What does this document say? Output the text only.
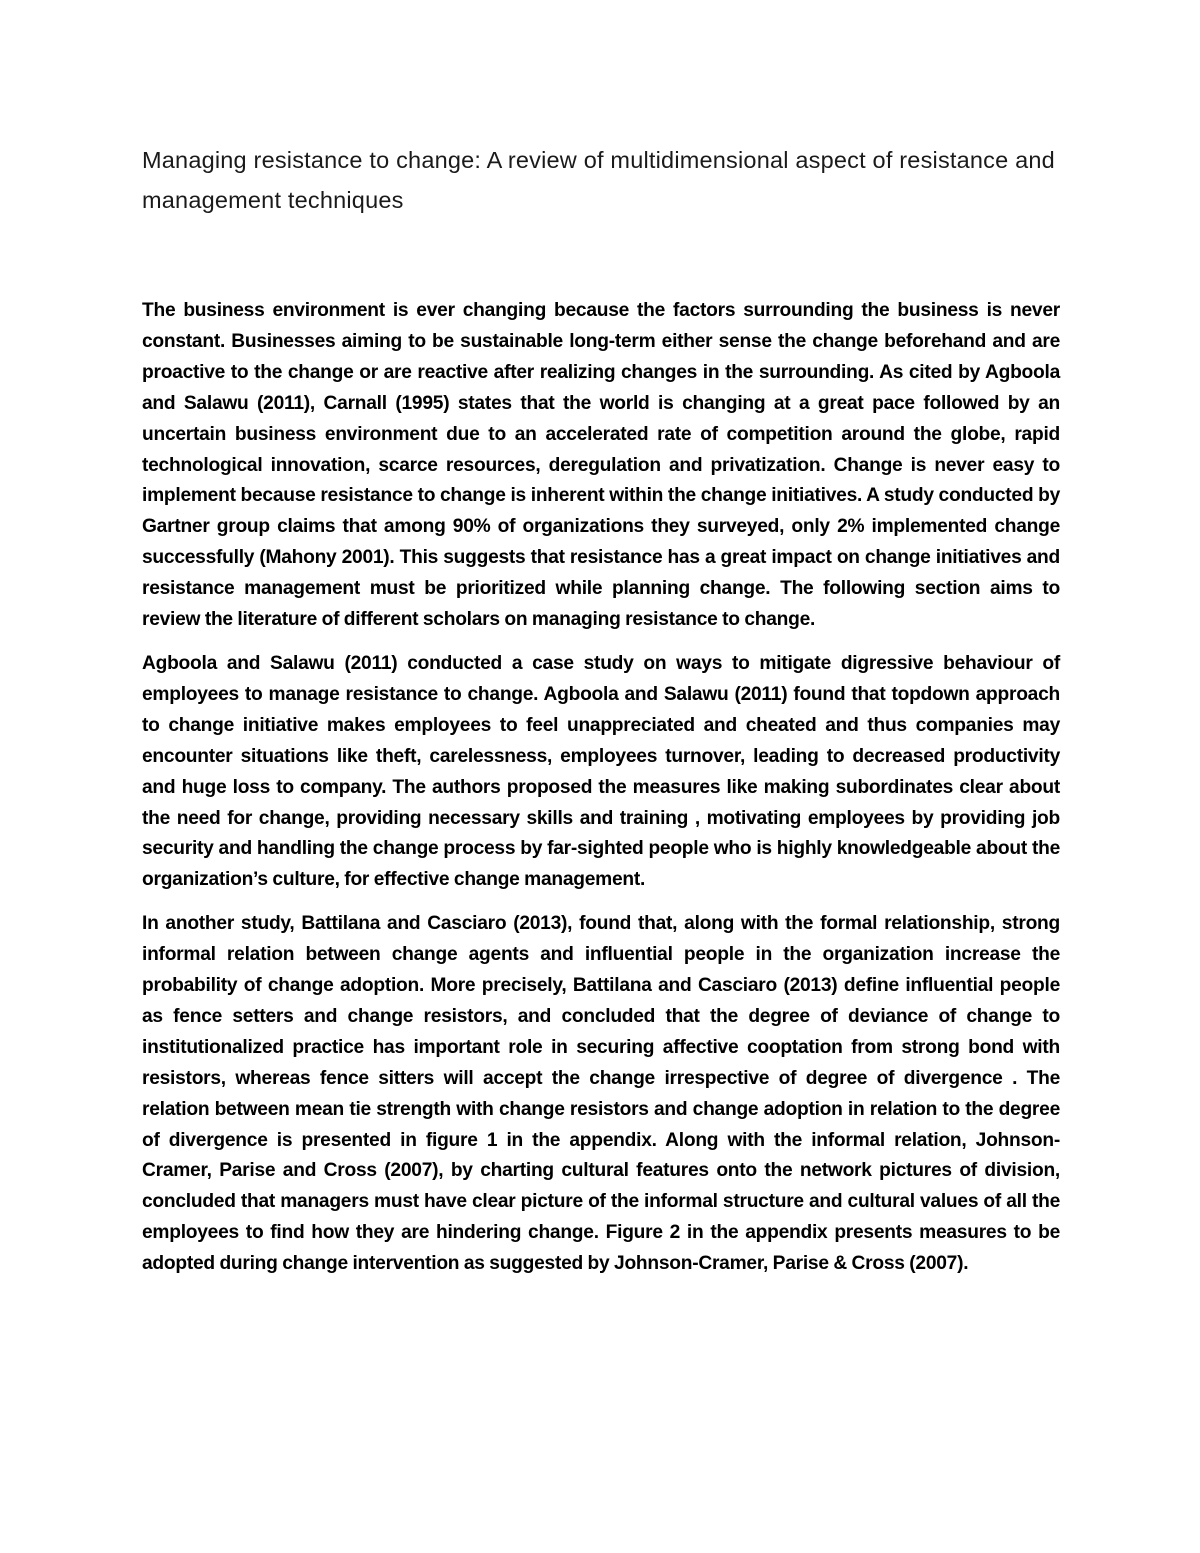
Managing resistance to change: A review of multidimensional aspect of resistance and management techniques

The business environment is ever changing because the factors surrounding the business is never constant. Businesses aiming to be sustainable long-term either sense the change beforehand and are proactive to the change or are reactive after realizing changes in the surrounding. As cited by Agboola and Salawu (2011), Carnall (1995) states that the world is changing at a great pace followed by an uncertain business environment due to an accelerated rate of competition around the globe, rapid technological innovation, scarce resources, deregulation and privatization. Change is never easy to implement because resistance to change is inherent within the change initiatives. A study conducted by Gartner group claims that among 90% of organizations they surveyed, only 2% implemented change successfully (Mahony 2001). This suggests that resistance has a great impact on change initiatives and resistance management must be prioritized while planning change. The following section aims to review the literature of different scholars on managing resistance to change.

Agboola and Salawu (2011) conducted a case study on ways to mitigate digressive behaviour of employees to manage resistance to change. Agboola and Salawu (2011) found that topdown approach to change initiative makes employees to feel unappreciated and cheated and thus companies may encounter situations like theft, carelessness, employees turnover, leading to decreased productivity and huge loss to company. The authors proposed the measures like making subordinates clear about the need for change, providing necessary skills and training , motivating employees by providing job security and handling the change process by far-sighted people who is highly knowledgeable about the organization’s culture, for effective change management.

In another study, Battilana and Casciaro (2013), found that, along with the formal relationship, strong informal relation between change agents and influential people in the organization increase the probability of change adoption. More precisely, Battilana and Casciaro (2013) define influential people as fence setters and change resistors, and concluded that the degree of deviance of change to institutionalized practice has important role in securing affective cooptation from strong bond with resistors, whereas fence sitters will accept the change irrespective of degree of divergence . The relation between mean tie strength with change resistors and change adoption in relation to the degree of divergence is presented in figure 1 in the appendix. Along with the informal relation, Johnson-Cramer, Parise and Cross (2007), by charting cultural features onto the network pictures of division, concluded that managers must have clear picture of the informal structure and cultural values of all the employees to find how they are hindering change. Figure 2 in the appendix presents measures to be adopted during change intervention as suggested by Johnson-Cramer, Parise & Cross (2007).
